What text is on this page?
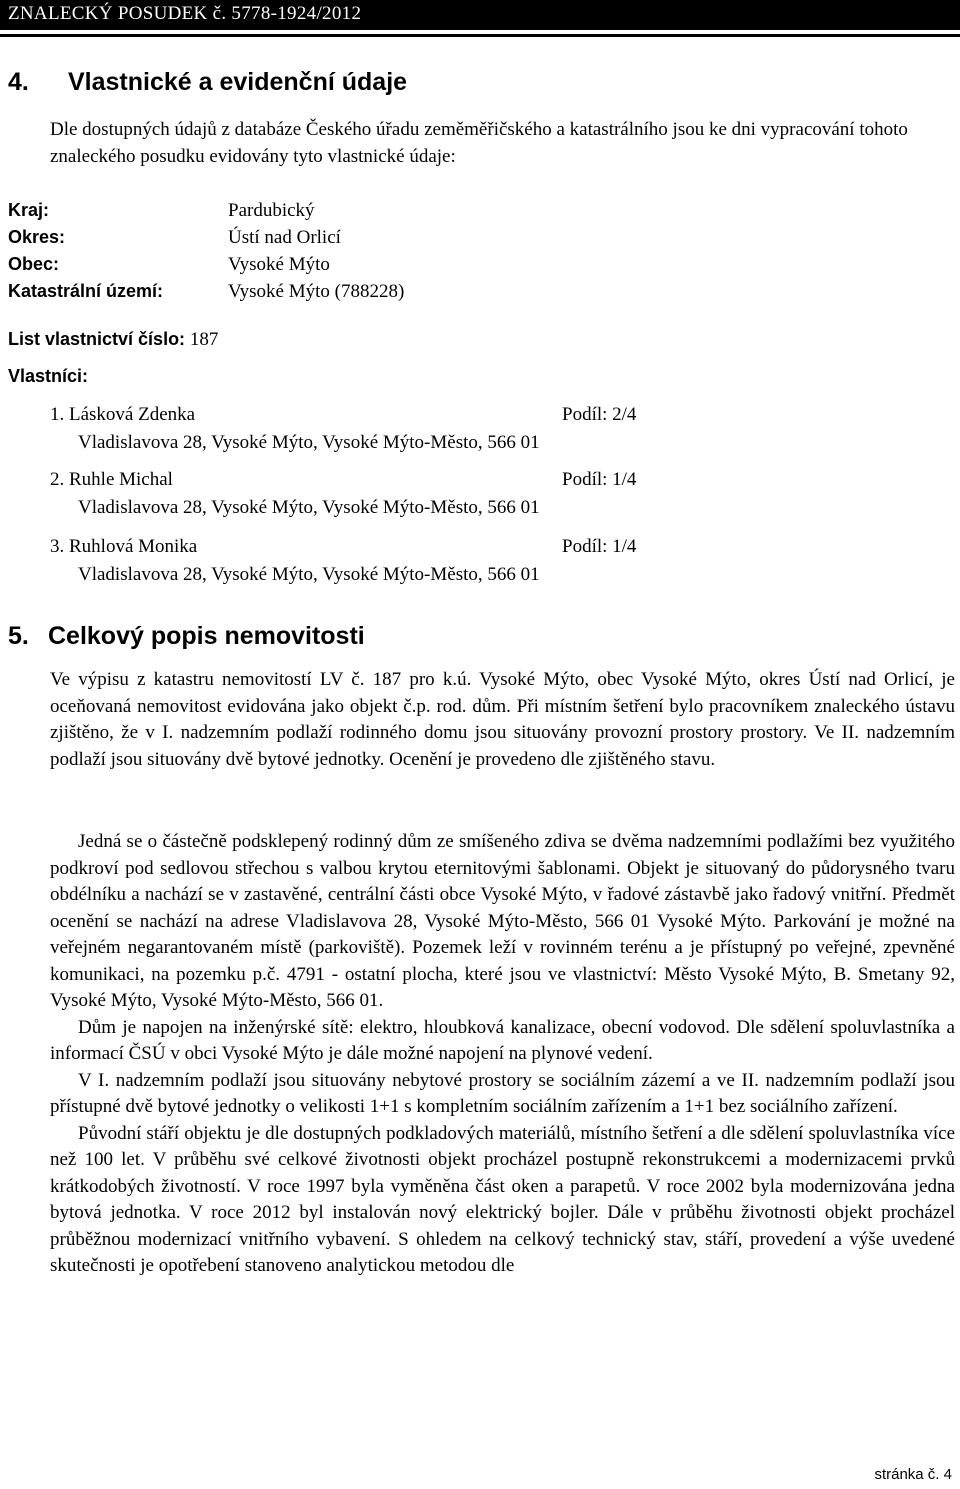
ZNALECKÝ POSUDEK č. 5778-1924/2012
4. Vlastnické a evidenční údaje
Dle dostupných údajů z databáze Českého úřadu zeměměřičského a katastrálního jsou ke dni vypracování tohoto znaleckého posudku evidovány tyto vlastnické údaje:
Kraj:	Pardubický
Okres:	Ústí nad Orlicí
Obec:	Vysoké Mýto
Katastrální území:	Vysoké Mýto (788228)
List vlastnictví číslo: 187
Vlastníci:
1. Lásková Zdenka	Podíl: 2/4
Vladislavova 28, Vysoké Mýto, Vysoké Mýto-Město, 566 01
2. Ruhle Michal	Podíl: 1/4
Vladislavova 28, Vysoké Mýto, Vysoké Mýto-Město, 566 01
3. Ruhlová Monika	Podíl: 1/4
Vladislavova 28, Vysoké Mýto, Vysoké Mýto-Město, 566 01
5. Celkový popis nemovitosti

Ve výpisu z katastru nemovitostí LV č. 187 pro k.ú. Vysoké Mýto, obec Vysoké Mýto, okres Ústí nad Orlicí, je oceňovaná nemovitost evidována jako objekt č.p. rod. dům. Při místním šetření bylo pracovníkem znaleckého ústavu zjištěno, že v I. nadzemním podlaží rodinného domu jsou situovány provozní prostory prostory. Ve II. nadzemním podlaží jsou situovány dvě bytové jednotky. Ocenění je provedeno dle zjištěného stavu.

Jedná se o částečně podsklepený rodinný dům ze smíšeného zdiva se dvěma nadzemními podlažími bez využitého podkroví pod sedlovou střechou s valbou krytou eternitovými šablonami. Objekt je situovaný do půdorysného tvaru obdélníku a nachází se v zastavěné, centrální části obce Vysoké Mýto, v řadové zástavbě jako řadový vnitřní. Předmět ocenění se nachází na adrese Vladislavova 28, Vysoké Mýto-Město, 566 01 Vysoké Mýto. Parkování je možné na veřejném negarantovaném místě (parkoviště). Pozemek leží v rovinném terénu a je přístupný po veřejné, zpevněné komunikaci, na pozemku p.č. 4791 - ostatní plocha, které jsou ve vlastnictví: Město Vysoké Mýto, B. Smetany 92, Vysoké Mýto, Vysoké Mýto-Město, 566 01.

Dům je napojen na inženýrské sítě: elektro, hloubková kanalizace, obecní vodovod. Dle sdělení spoluvlastníka a informací ČSÚ v obci Vysoké Mýto je dále možné napojení na plynové vedení.

V I. nadzemním podlaží jsou situovány nebytové prostory se sociálním zázemí a ve II. nadzemním podlaží jsou přístupné dvě bytové jednotky o velikosti 1+1 s kompletním sociálním zařízením a 1+1 bez sociálního zařízení.

Původní stáří objektu je dle dostupných podkladových materiálů, místního šetření a dle sdělení spoluvlastníka více než 100 let. V průběhu své celkové životnosti objekt procházel postupně rekonstrukcemi a modernizacemi prvků krátkodobých životností. V roce 1997 byla vyměněna část oken a parapetů. V roce 2002 byla modernizována jedna bytová jednotka. V roce 2012 byl instalován nový elektrický bojler. Dále v průběhu životnosti objekt procházel průběžnou modernizací vnitřního vybavení. S ohledem na celkový technický stav, stáří, provedení a výše uvedené skutečnosti je opotřebení stanoveno analytickou metodou dle

stránka č. 4
